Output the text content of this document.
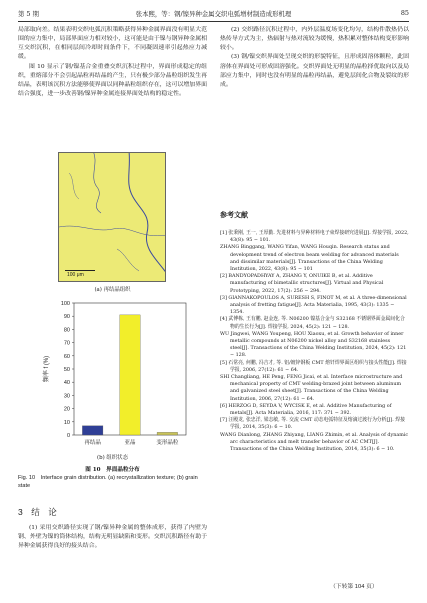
第 5 期	张本熙，等：钢/镍异种金属交织电弧增材制造成形机理	85

局部取向差。结果表明交织电弧沉积策略获得异种金属界面没有明显大范围的应力集中，局部界面应力相对较小，这可能是由于镍与钢异种金属相互交织沉积，在相同层间冷却时间条件下，不同凝固速率引起热应力减缓。

图 10 显示了钢/镍基合金重叠交织沉积过程中，界面形成稳定的组织，重熔部分不会引起晶粒再结晶的产生，只有极少部分晶粒组织发生再结晶，表明该沉积方法能够使界面以同种晶粒组织存在，这可以增加界面结合强度，进一步改善钢/镍异种金属连接界面处结构的稳定性。

100 μm
(a) 再结晶组织
0
10
20
30
40
50
60
70
80
90
100
频率 f (%)
再结晶	亚晶	变形晶粒
(b) 组织状态
图 10　界面晶粒分布
Fig. 10　Interface grain distribution. (a) recrystallization texture; (b) grain state
3　结　论

(1) 采用交织路径实现了钢/镍异种金属的整体成形，获得了内壁为钢、外壁为镍的筒体结构，结构无明显缺陷和变形。交织沉积路径有助于异种金属获得良好的接头结合。

(2) 交织路径沉积过程中，内外层温度场变化均匀，结构件散热仍以热传导方式为主，热辐射与热对流较为缓慢，热积累对整体结构变形影响较小。

(3) 钢/镍交织界面处呈现交织的形貌特征，且形成固溶体颗粒，此固溶体在界面处可形成固溶强化。交织界面处无明显的晶粒择优取向以及局部应力集中，同时也没有明显的晶粒再结晶，避免层间化合物及裂纹的形成。

参考文献

[1] 张秉刚, 王一, 王厚勤. 先进材料与异种材料电子束焊接研究进展[J]. 焊接学报, 2022, 43(8): 95 − 101.

ZHANG Binggang, WANG Yifan, WANG Houqin. Research status and development trend of electron beam welding for advanced materials and dissimilar materials[J]. Transactions of the China Welding Institution, 2022, 43(8): 95 − 101

[2] BANDYOPADHYAY A, ZHANG Y, ONUIKE B, et al. Additive manufacturing of bimetallic structures[J]. Virtual and Physical Prototyping, 2022, 17(2): 256 − 294.

[3] GIANNAKOPOULOS A, SURESH S, FINOT M, et al. A three-dimensional analysis of fretting fatigue[J]. Acta Materialia, 1995, 43(3): 1335 − 1354.

[4] 武傅栋, 王有鹏, 赵金连, 等. N06200 镍基合金与 S32168 不锈钢界面金属间化合物的生长行为[J]. 焊接学报, 2024, 45(2): 121 − 128.

WU Jingwei, WANG Youpeng, HOU Xiaoxu, et al. Growth behavior of inner metallic compounds at N06200 nickel alloy and S32168 stainless steel[J]. Transactions of the China Welding Institution, 2024, 45(2): 121 − 128.

[5] 石常亮, 何鹏, 冯吉才, 等. 铝/镀锌钢板 CMT 熔钎焊界面区组织与接头性能[J]. 焊接学报, 2006, 27(12): 61 − 64.

SHI Changliang, HE Peng, FENG Jicai, et al. Interface microstructure and mechanical property of CMT welding-brazed joint between aluminum and galvanized steel sheet[J]. Transactions of the China Welding Institution, 2006, 27(12): 61 − 64.

[6] HERZOG D, SEYDA V, WYCISK E, et al. Additive Manufacturing of metals[J]. Acta Materialia, 2016, 117: 371 − 392.

[7] 汪殿龙, 张忠洋, 梁志敏, 等. 交流 CMT 动态电弧特征及熔滴过渡行为分析[J]. 焊接学报, 2014, 35(3): 6 − 10.

WANG Dianlong, ZHANG Zhiyang, LIANG Zhimin, et al. Analysis of dynamic arc characteristics and melt transfer behavior of AC CMT[J]. Transactions of the China Welding Institution, 2014, 35(3): 6 − 10.

（下转第 104 页）
